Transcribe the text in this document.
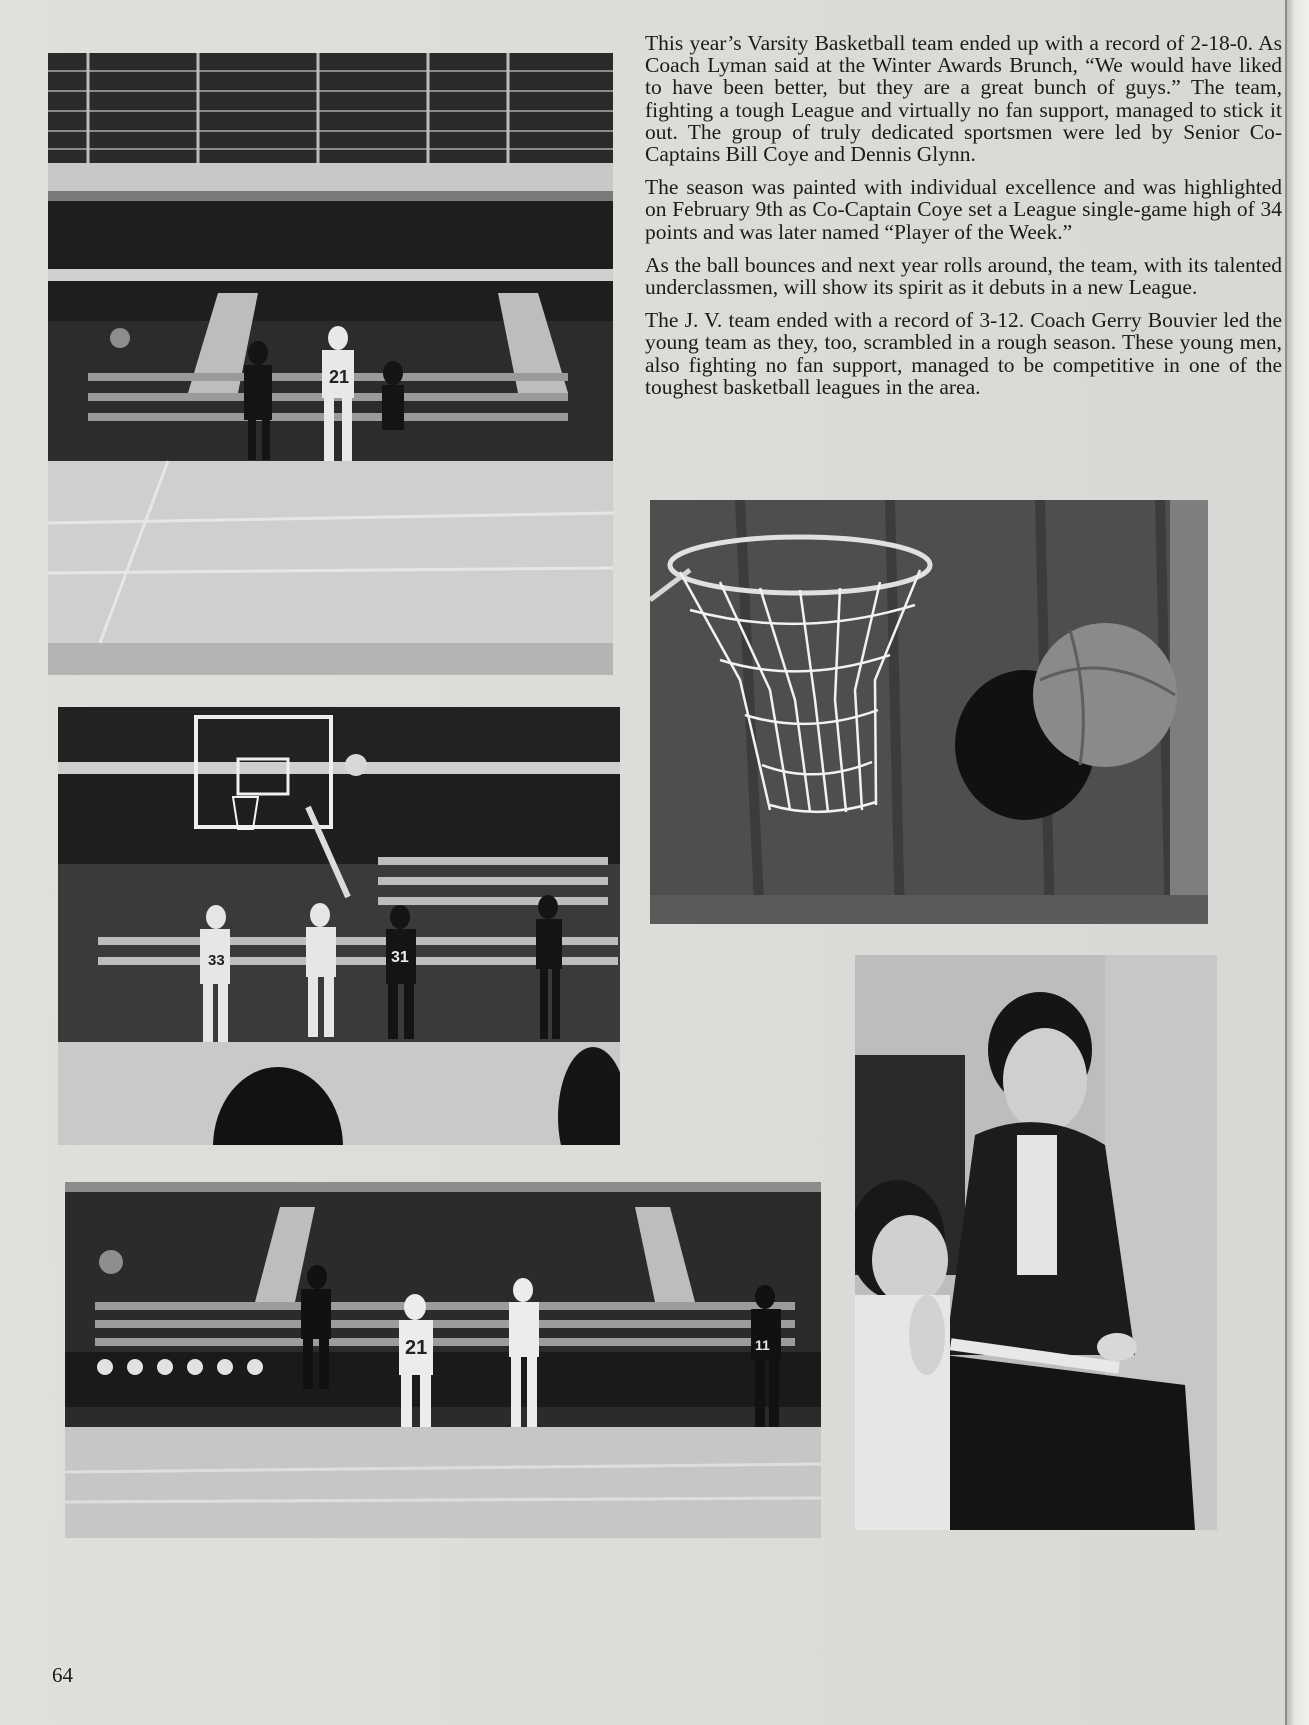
21
33	31
21	11

This year’s Varsity Basketball team ended up with a record of 2-18-0. As Coach Lyman said at the Winter Awards Brunch, “We would have liked to have been better, but they are a great bunch of guys.” The team, fighting a tough League and virtually no fan support, managed to stick it out. The group of truly dedicated sportsmen were led by Senior Co-Captains Bill Coye and Dennis Glynn.

The season was painted with individual excellence and was highlighted on February 9th as Co-Captain Coye set a League single-game high of 34 points and was later named “Player of the Week.”

As the ball bounces and next year rolls around, the team, with its talented underclassmen, will show its spirit as it debuts in a new League.

The J. V. team ended with a record of 3-12. Coach Gerry Bouvier led the young team as they, too, scrambled in a rough season. These young men, also fighting no fan support, managed to be competitive in one of the toughest basketball leagues in the area.

64
